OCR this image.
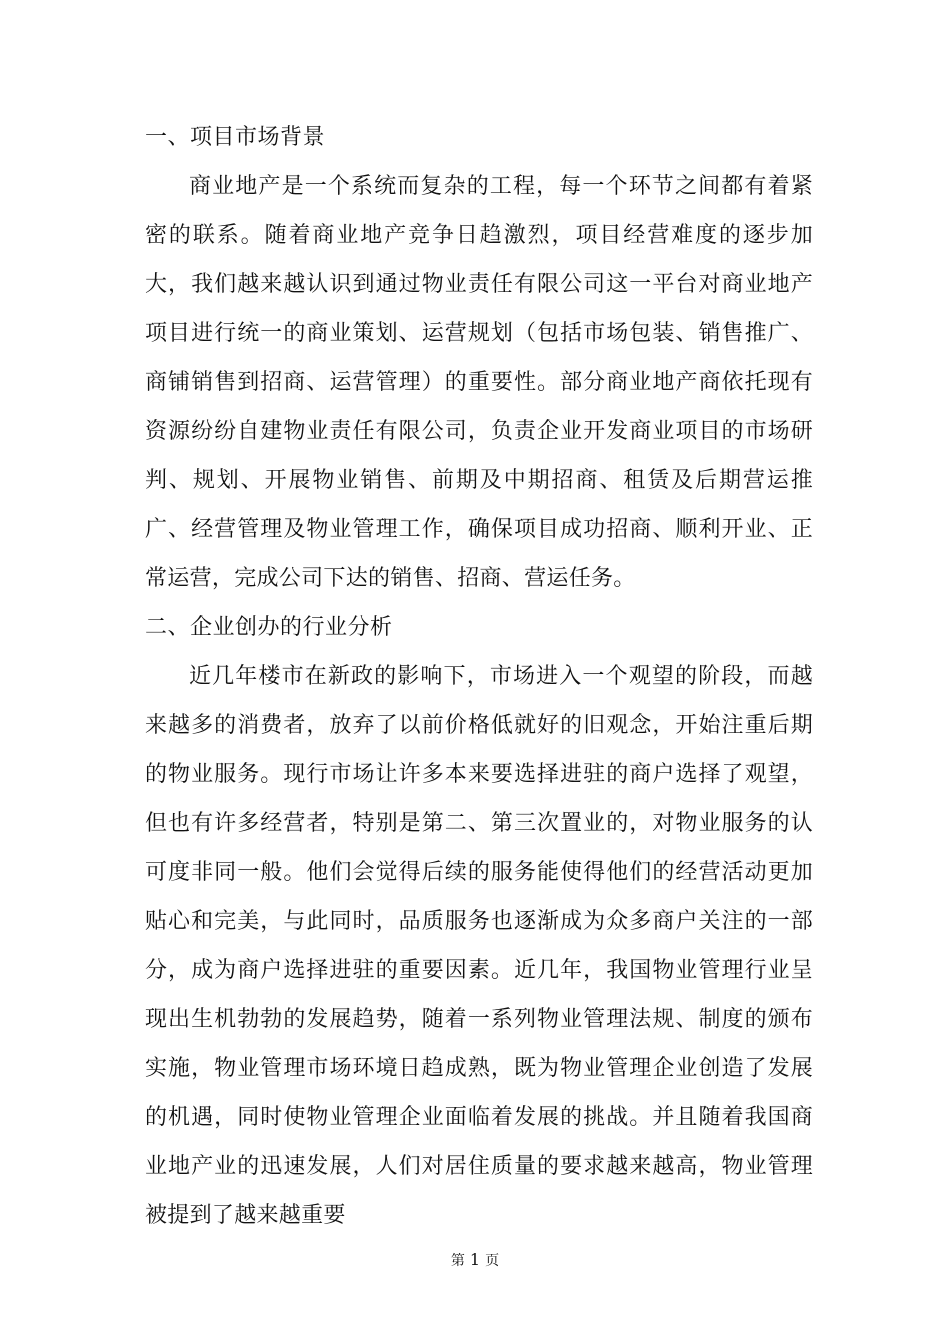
一、项目市场背景

商业地产是一个系统而复杂的工程，每一个环节之间都有着紧密的联系。随着商业地产竞争日趋激烈，项目经营难度的逐步加大，我们越来越认识到通过物业责任有限公司这一平台对商业地产项目进行统一的商业策划、运营规划（包括市场包装、销售推广、商铺销售到招商、运营管理）的重要性。部分商业地产商依托现有资源纷纷自建物业责任有限公司，负责企业开发商业项目的市场研判、规划、开展物业销售、前期及中期招商、租赁及后期营运推广、经营管理及物业管理工作，确保项目成功招商、顺利开业、正常运营，完成公司下达的销售、招商、营运任务。

二、企业创办的行业分析

近几年楼市在新政的影响下，市场进入一个观望的阶段，而越来越多的消费者，放弃了以前价格低就好的旧观念，开始注重后期的物业服务。现行市场让许多本来要选择进驻的商户选择了观望，但也有许多经营者，特别是第二、第三次置业的，对物业服务的认可度非同一般。他们会觉得后续的服务能使得他们的经营活动更加贴心和完美，与此同时，品质服务也逐渐成为众多商户关注的一部分，成为商户选择进驻的重要因素。近几年，我国物业管理行业呈现出生机勃勃的发展趋势，随着一系列物业管理法规、制度的颁布实施，物业管理市场环境日趋成熟，既为物业管理企业创造了发展的机遇，同时使物业管理企业面临着发展的挑战。并且随着我国商业地产业的迅速发展，人们对居住质量的要求越来越高，物业管理被提到了越来越重要

第 1 页
